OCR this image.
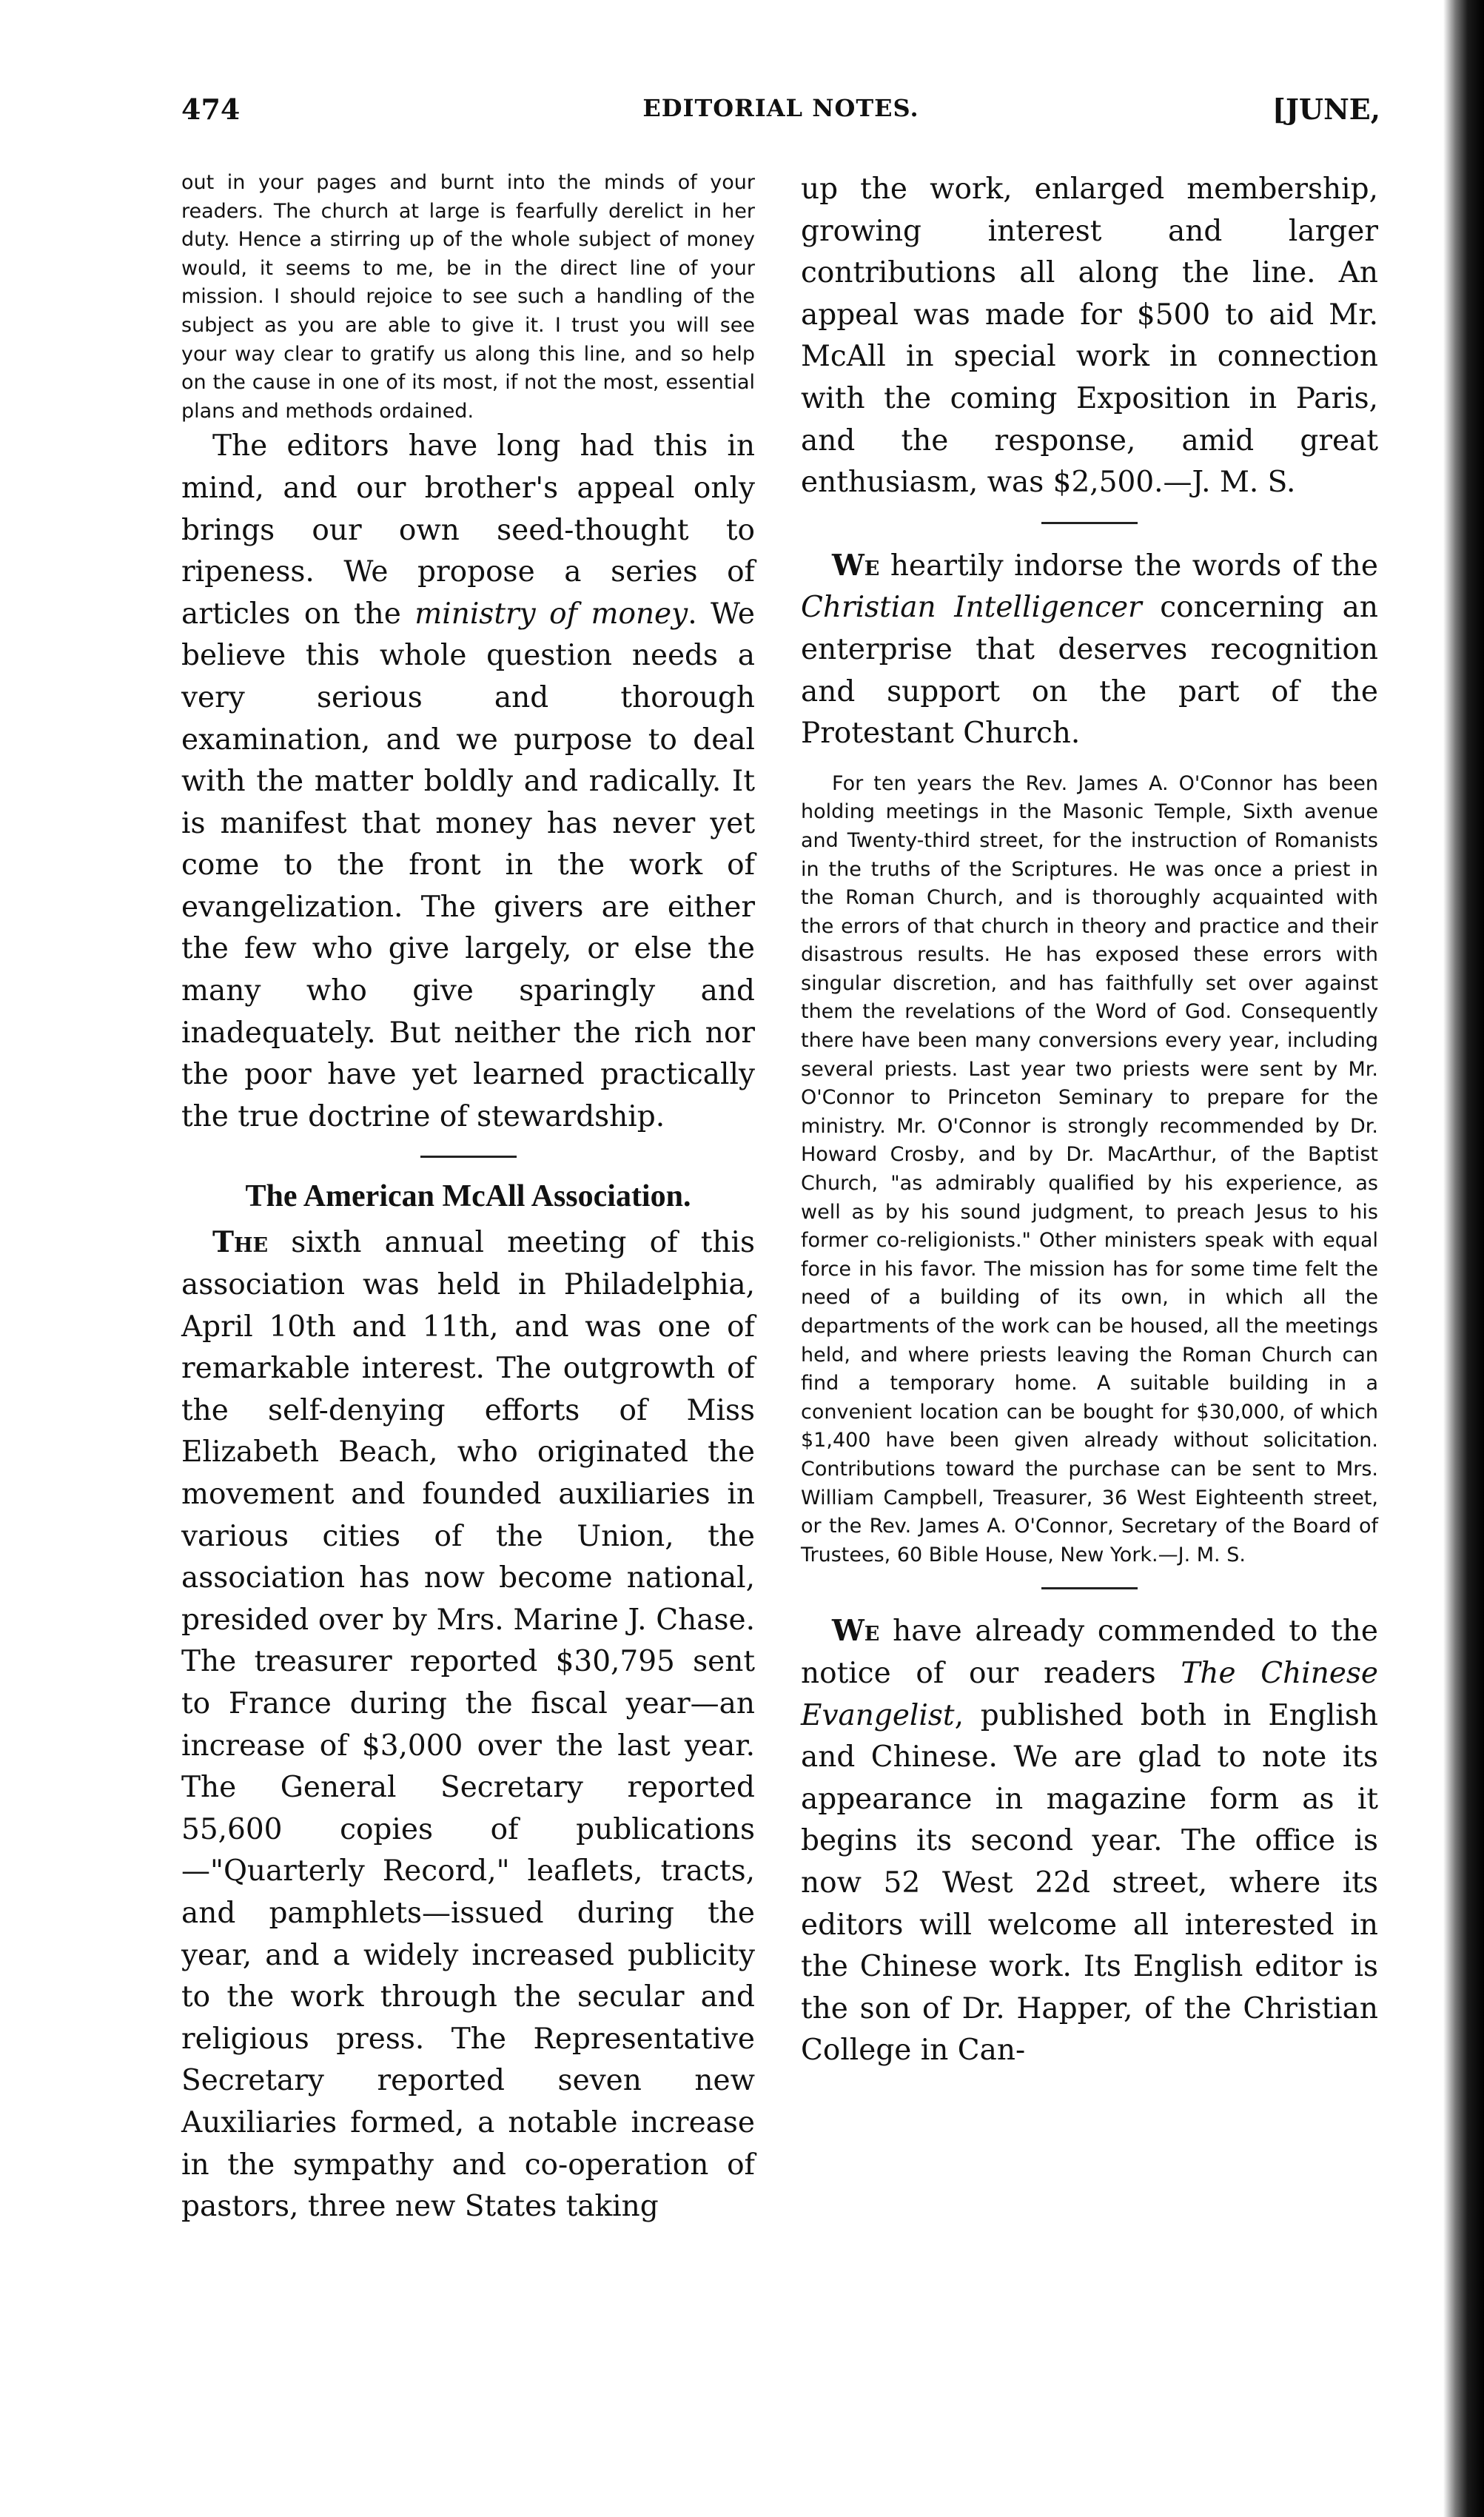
474	EDITORIAL NOTES.	[JUNE,

out in your pages and burnt into the minds of your readers. The church at large is fearfully derelict in her duty. Hence a stirring up of the whole subject of money would, it seems to me, be in the direct line of your mission. I should rejoice to see such a handling of the subject as you are able to give it. I trust you will see your way clear to gratify us along this line, and so help on the cause in one of its most, if not the most, essential plans and methods ordained.

The editors have long had this in mind, and our brother's appeal only brings our own seed-thought to ripeness. We propose a series of articles on the ministry of money. We believe this whole question needs a very serious and thorough examination, and we purpose to deal with the matter boldly and radically. It is manifest that money has never yet come to the front in the work of evangelization. The givers are either the few who give largely, or else the many who give sparingly and inadequately. But neither the rich nor the poor have yet learned practically the true doctrine of stewardship.

The American McAll Association.

The sixth annual meeting of this association was held in Philadelphia, April 10th and 11th, and was one of remarkable interest. The outgrowth of the self-denying efforts of Miss Elizabeth Beach, who originated the movement and founded auxiliaries in various cities of the Union, the association has now become national, presided over by Mrs. Marine J. Chase. The treasurer reported $30,795 sent to France during the fiscal year—an increase of $3,000 over the last year. The General Secretary reported 55,600 copies of publications—"Quarterly Record," leaflets, tracts, and pamphlets—issued during the year, and a widely increased publicity to the work through the secular and religious press. The Representative Secretary reported seven new Auxiliaries formed, a notable increase in the sympathy and co-operation of pastors, three new States taking

up the work, enlarged membership, growing interest and larger contributions all along the line. An appeal was made for $500 to aid Mr. McAll in special work in connection with the coming Exposition in Paris, and the response, amid great enthusiasm, was $2,500.—J. M. S.

We heartily indorse the words of the Christian Intelligencer concerning an enterprise that deserves recognition and support on the part of the Protestant Church.

For ten years the Rev. James A. O'Connor has been holding meetings in the Masonic Temple, Sixth avenue and Twenty-third street, for the instruction of Romanists in the truths of the Scriptures. He was once a priest in the Roman Church, and is thoroughly acquainted with the errors of that church in theory and practice and their disastrous results. He has exposed these errors with singular discretion, and has faithfully set over against them the revelations of the Word of God. Consequently there have been many conversions every year, including several priests. Last year two priests were sent by Mr. O'Connor to Princeton Seminary to prepare for the ministry. Mr. O'Connor is strongly recommended by Dr. Howard Crosby, and by Dr. MacArthur, of the Baptist Church, "as admirably qualified by his experience, as well as by his sound judgment, to preach Jesus to his former co-religionists." Other ministers speak with equal force in his favor. The mission has for some time felt the need of a building of its own, in which all the departments of the work can be housed, all the meetings held, and where priests leaving the Roman Church can find a temporary home. A suitable building in a convenient location can be bought for $30,000, of which $1,400 have been given already without solicitation. Contributions toward the purchase can be sent to Mrs. William Campbell, Treasurer, 36 West Eighteenth street, or the Rev. James A. O'Connor, Secretary of the Board of Trustees, 60 Bible House, New York.—J. M. S.

We have already commended to the notice of our readers The Chinese Evangelist, published both in English and Chinese. We are glad to note its appearance in magazine form as it begins its second year. The office is now 52 West 22d street, where its editors will welcome all interested in the Chinese work. Its English editor is the son of Dr. Happer, of the Christian College in Can-
